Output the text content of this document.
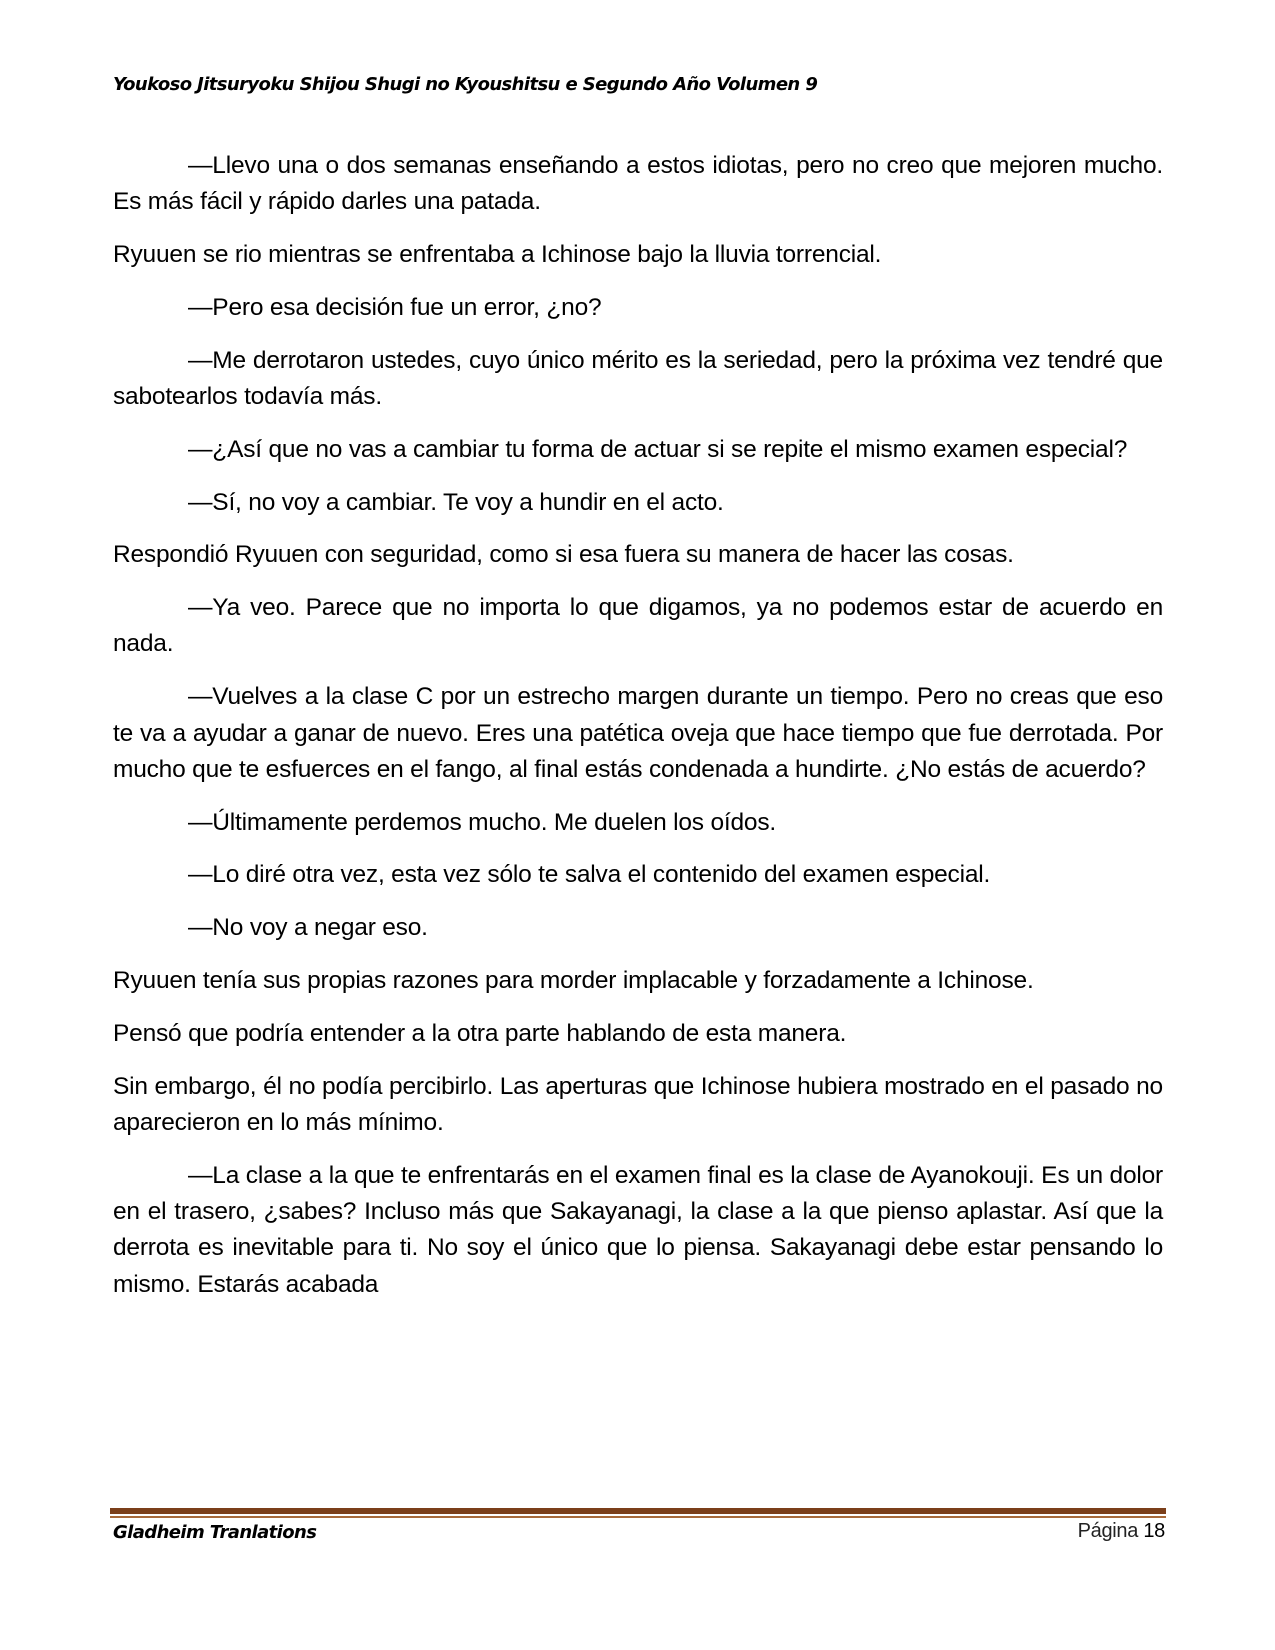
Youkoso Jitsuryoku Shijou Shugi no Kyoushitsu e Segundo Año Volumen 9

—Llevo una o dos semanas enseñando a estos idiotas, pero no creo que mejoren mucho. Es más fácil y rápido darles una patada.

Ryuuen se rio mientras se enfrentaba a Ichinose bajo la lluvia torrencial.

—Pero esa decisión fue un error, ¿no?

—Me derrotaron ustedes, cuyo único mérito es la seriedad, pero la próxima vez tendré que sabotearlos todavía más.

—¿Así que no vas a cambiar tu forma de actuar si se repite el mismo examen especial?

—Sí, no voy a cambiar. Te voy a hundir en el acto.

Respondió Ryuuen con seguridad, como si esa fuera su manera de hacer las cosas.

—Ya veo. Parece que no importa lo que digamos, ya no podemos estar de acuerdo en nada.

—Vuelves a la clase C por un estrecho margen durante un tiempo. Pero no creas que eso te va a ayudar a ganar de nuevo. Eres una patética oveja que hace tiempo que fue derrotada. Por mucho que te esfuerces en el fango, al final estás condenada a hundirte. ¿No estás de acuerdo?

—Últimamente perdemos mucho. Me duelen los oídos.

—Lo diré otra vez, esta vez sólo te salva el contenido del examen especial.

—No voy a negar eso.

Ryuuen tenía sus propias razones para morder implacable y forzadamente a Ichinose.

Pensó que podría entender a la otra parte hablando de esta manera.

Sin embargo, él no podía percibirlo. Las aperturas que Ichinose hubiera mostrado en el pasado no aparecieron en lo más mínimo.

—La clase a la que te enfrentarás en el examen final es la clase de Ayanokouji. Es un dolor en el trasero, ¿sabes? Incluso más que Sakayanagi, la clase a la que pienso aplastar. Así que la derrota es inevitable para ti. No soy el único que lo piensa. Sakayanagi debe estar pensando lo mismo. Estarás acabada

Gladheim Tranlations	Página 18
